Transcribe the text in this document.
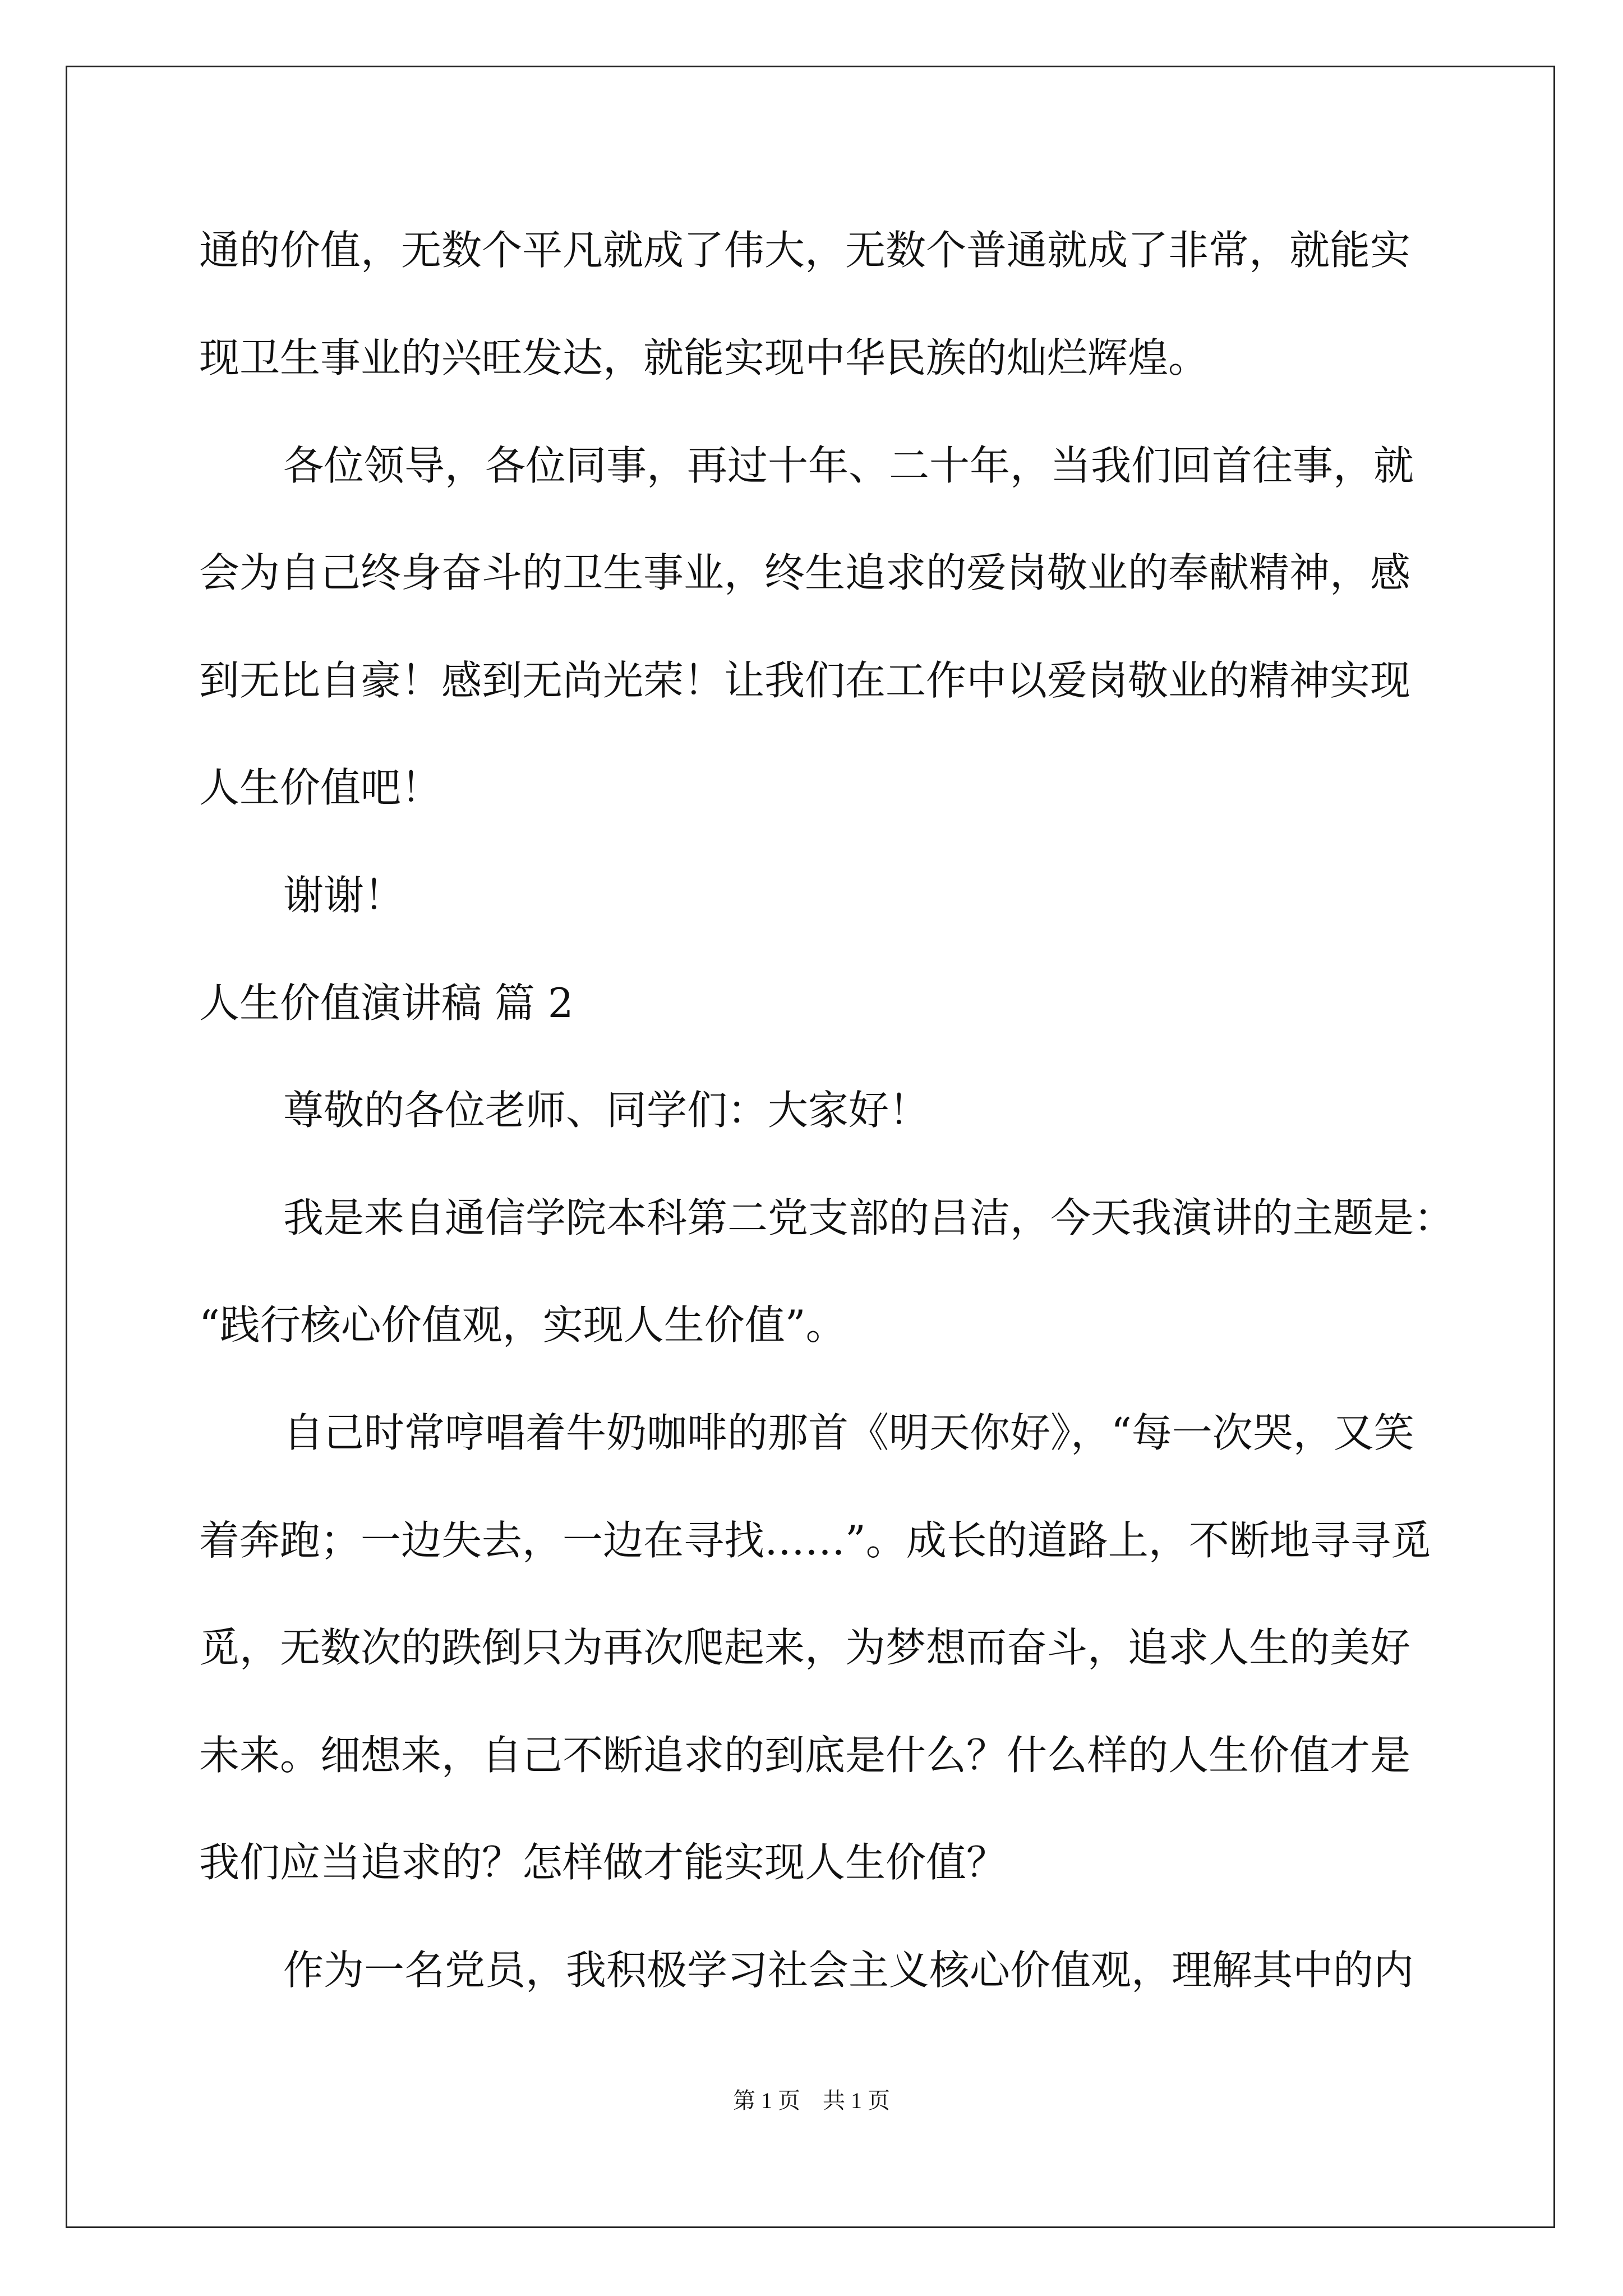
通的价值，无数个平凡就成了伟大，无数个普通就成了非常，就能实
现卫生事业的兴旺发达，就能实现中华民族的灿烂辉煌。
各位领导，各位同事，再过十年、二十年，当我们回首往事，就
会为自己终身奋斗的卫生事业，终生追求的爱岗敬业的奉献精神，感
到无比自豪！感到无尚光荣！让我们在工作中以爱岗敬业的精神实现
人生价值吧！
谢谢！
人生价值演讲稿 篇 2
尊敬的各位老师、同学们：大家好！
我是来自通信学院本科第二党支部的吕洁，今天我演讲的主题是：
“践行核心价值观，实现人生价值”。
自己时常哼唱着牛奶咖啡的那首《明天你好》，“每一次哭，又笑
着奔跑；一边失去，一边在寻找……”。成长的道路上，不断地寻寻觅
觅，无数次的跌倒只为再次爬起来，为梦想而奋斗，追求人生的美好
未来。细想来，自己不断追求的到底是什么？什么样的人生价值才是
我们应当追求的？怎样做才能实现人生价值？
作为一名党员，我积极学习社会主义核心价值观，理解其中的内
第 1 页　共 1 页
